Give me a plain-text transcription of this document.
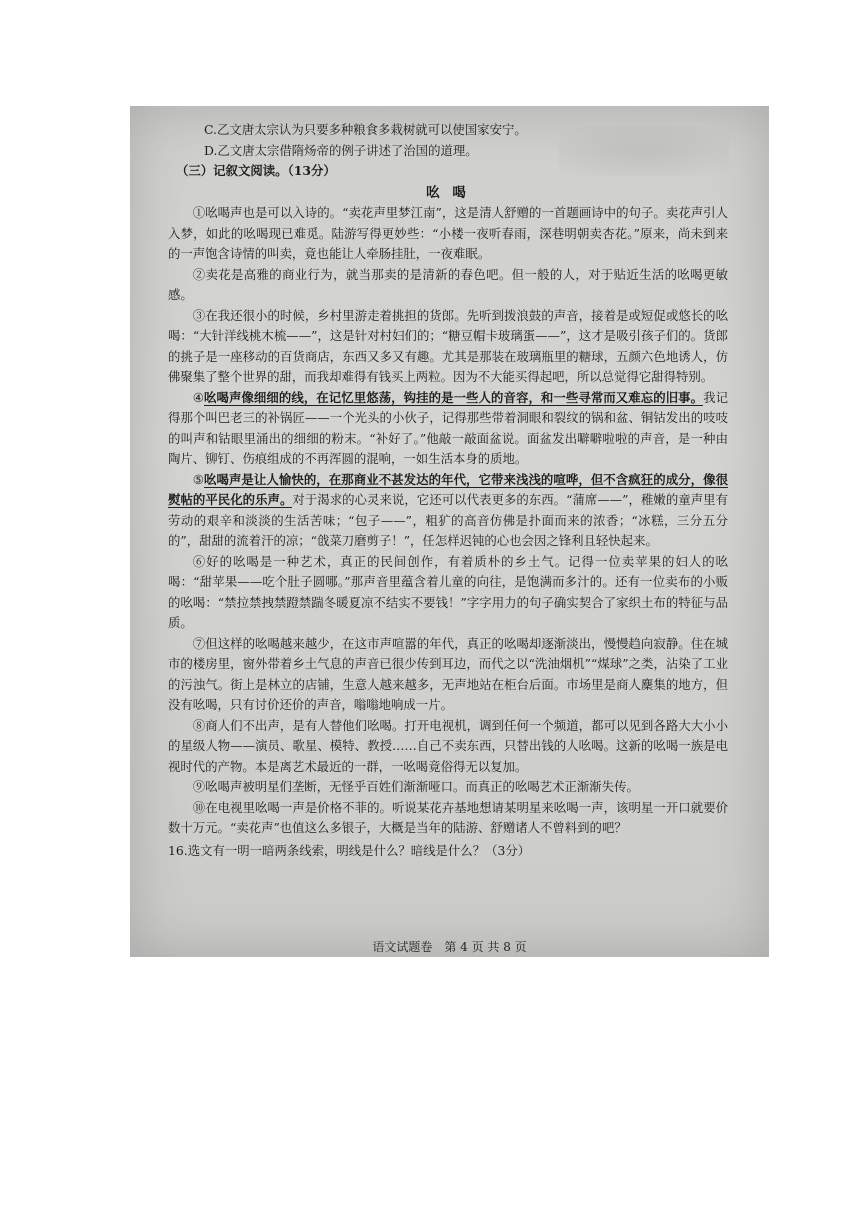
C.乙文唐太宗认为只要多种粮食多栽树就可以使国家安宁。
D.乙文唐太宗借隋炀帝的例子讲述了治国的道理。
（三）记叙文阅读。（13分）
吆 喝

①吆喝声也是可以入诗的。“卖花声里梦江南”，这是清人舒赠的一首题画诗中的句子。卖花声引人入梦，如此的吆喝现已难觅。陆游写得更妙些：“小楼一夜听春雨，深巷明朝卖杏花。”原来，尚未到来的一声饱含诗情的叫卖，竟也能让人牵肠挂肚，一夜难眠。

②卖花是高雅的商业行为，就当那卖的是清新的春色吧。但一般的人，对于贴近生活的吆喝更敏感。

③在我还很小的时候，乡村里游走着挑担的货郎。先听到拨浪鼓的声音，接着是或短促或悠长的吆喝：“大针洋线桃木梳——”，这是针对村妇们的；“糖豆帽卡玻璃蛋——”，这才是吸引孩子们的。货郎的挑子是一座移动的百货商店，东西又多又有趣。尤其是那装在玻璃瓶里的糖球，五颜六色地诱人，仿佛聚集了整个世界的甜，而我却难得有钱买上两粒。因为不大能买得起吧，所以总觉得它甜得特别。

④吆喝声像细细的线，在记忆里悠荡，钩挂的是一些人的音容，和一些寻常而又难忘的旧事。我记得那个叫巴老三的补锅匠——一个光头的小伙子，记得那些带着洞眼和裂纹的锅和盆、铜钴发出的吱吱的叫声和钴眼里涌出的细细的粉末。“补好了。”他敲一敲面盆说。面盆发出噼噼啦啦的声音，是一种由陶片、铆钉、伤痕组成的不再浑圆的混响，一如生活本身的质地。

⑤吆喝声是让人愉快的，在那商业不甚发达的年代，它带来浅浅的喧哗，但不含疯狂的成分，像很熨帖的平民化的乐声。对于渴求的心灵来说，它还可以代表更多的东西。“蒲席——”，稚嫩的童声里有劳动的艰辛和淡淡的生活苦味；“包子——”，粗犷的高音仿佛是扑面而来的浓香；“冰糕，三分五分的”，甜甜的流着汗的凉；“戗菜刀磨剪子！”，任怎样迟钝的心也会因之锋利且轻快起来。

⑥好的吆喝是一种艺术，真正的民间创作，有着质朴的乡土气。记得一位卖苹果的妇人的吆喝：“甜苹果——吃个肚子圆哪。”那声音里蕴含着儿童的向往，是饱满而多汁的。还有一位卖布的小贩的吆喝：“禁拉禁拽禁蹬禁踹冬暖夏凉不结实不要钱！”字字用力的句子确实契合了家织土布的特征与品质。

⑦但这样的吆喝越来越少，在这市声喧嚣的年代，真正的吆喝却逐渐淡出，慢慢趋向寂静。住在城市的楼房里，窗外带着乡土气息的声音已很少传到耳边，而代之以“洗油烟机”“煤球”之类，沾染了工业的污浊气。街上是林立的店铺，生意人越来越多，无声地站在柜台后面。市场里是商人麇集的地方，但没有吆喝，只有讨价还价的声音，嗡嗡地响成一片。

⑧商人们不出声，是有人替他们吆喝。打开电视机，调到任何一个频道，都可以见到各路大大小小的星级人物——演员、歌星、模特、教授……自己不卖东西，只替出钱的人吆喝。这新的吆喝一族是电视时代的产物。本是离艺术最近的一群，一吆喝竟俗得无以复加。

⑨吆喝声被明星们垄断，无怪乎百姓们渐渐哑口。而真正的吆喝艺术正渐渐失传。

⑩在电视里吆喝一声是价格不菲的。听说某花卉基地想请某明星来吆喝一声，该明星一开口就要价数十万元。“卖花声”也值这么多银子，大概是当年的陆游、舒赠诸人不曾料到的吧？

16.选文有一明一暗两条线索，明线是什么？暗线是什么？（3分）
语文试题卷　第 4 页 共 8 页
